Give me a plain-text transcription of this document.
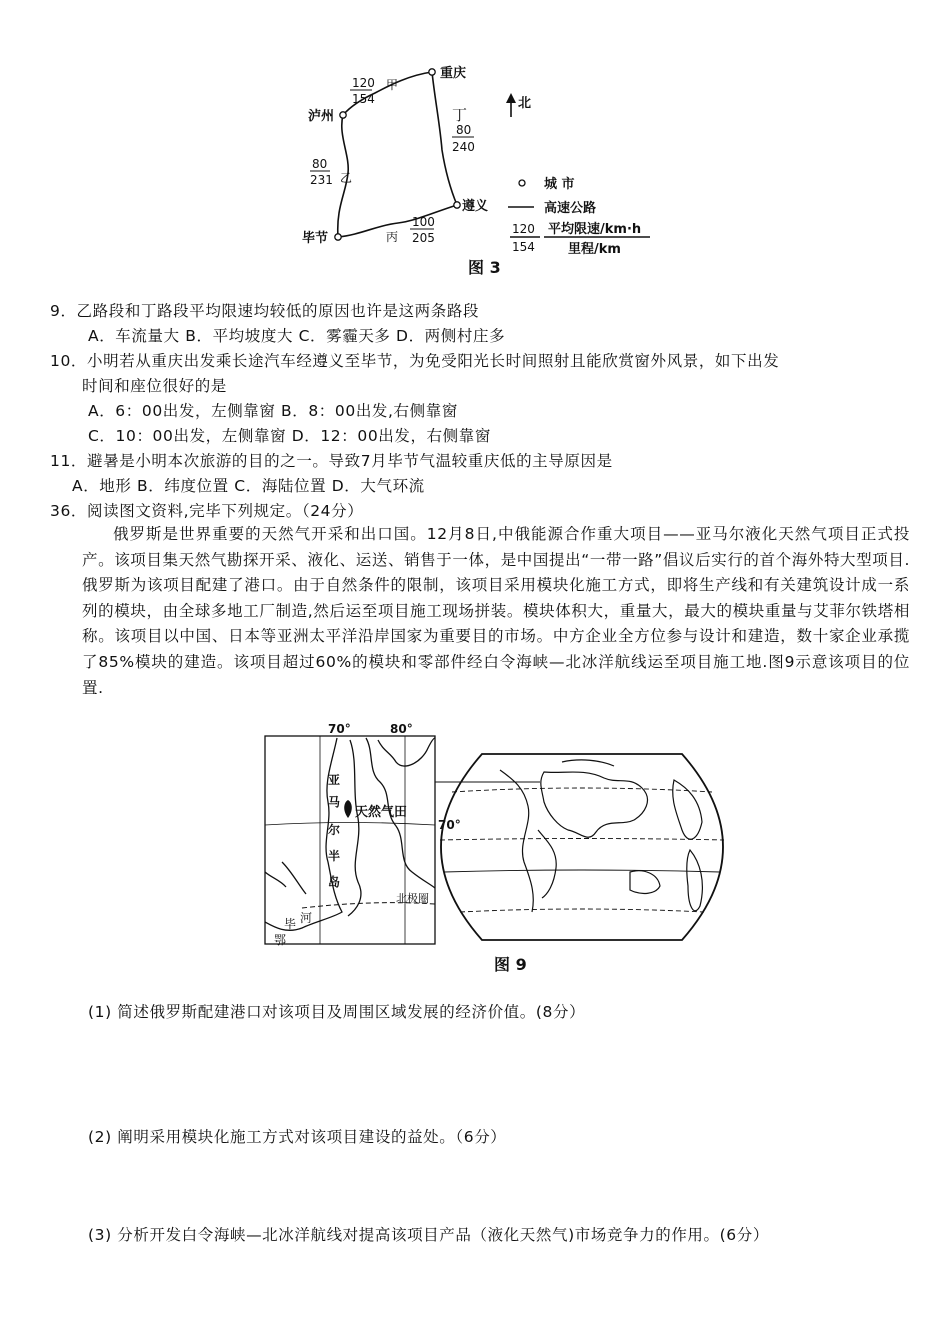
重庆
泸州
毕节
遵义
北
城 市
高速公路
平均限速/km·h
里程/km
甲
乙
丙
丁
120
154
80
231
100
205
80
240
120
154
图 3
9．乙路段和丁路段平均限速均较低的原因也许是这两条路段
A．车流量大 B．平均坡度大 C．雾霾天多 D．两侧村庄多
10．小明若从重庆出发乘长途汽车经遵义至毕节，为免受阳光长时间照射且能欣赏窗外风景，如下出发
时间和座位很好的是
A．6：00出发，左侧靠窗 B．8：00出发,右侧靠窗
C．10：00出发，左侧靠窗 D．12：00出发，右侧靠窗
11．避暑是小明本次旅游的目的之一。导致7月毕节气温较重庆低的主导原因是
A．地形 B．纬度位置 C．海陆位置 D．大气环流
36．阅读图文资料,完毕下列规定。（24分）
俄罗斯是世界重要的天然气开采和出口国。12月8日,中俄能源合作重大项目——亚马尔液化天然气项目正式投产。该项目集天然气勘探开采、液化、运送、销售于一体，是中国提出“一带一路”倡议后实行的首个海外特大型项目.俄罗斯为该项目配建了港口。由于自然条件的限制，该项目采用模块化施工方式，即将生产线和有关建筑设计成一系列的模块，由全球多地工厂制造,然后运至项目施工现场拼装。模块体积大，重量大，最大的模块重量与艾菲尔铁塔相称。该项目以中国、日本等亚洲太平洋沿岸国家为重要目的市场。中方企业全方位参与设计和建造，数十家企业承揽了85%模块的建造。该项目超过60%的模块和零部件经白令海峡—北冰洋航线运至项目施工地.图9示意该项目的位置.
70°	80°
70°
天然气田
北极圈
亚
马
尔
半
岛
河
毕
鄂
图 9
(1) 简述俄罗斯配建港口对该项目及周围区域发展的经济价值。(8分）
(2) 阐明采用模块化施工方式对该项目建设的益处。（6分）
(3) 分析开发白令海峡—北冰洋航线对提高该项目产品（液化天然气)市场竞争力的作用。(6分）
